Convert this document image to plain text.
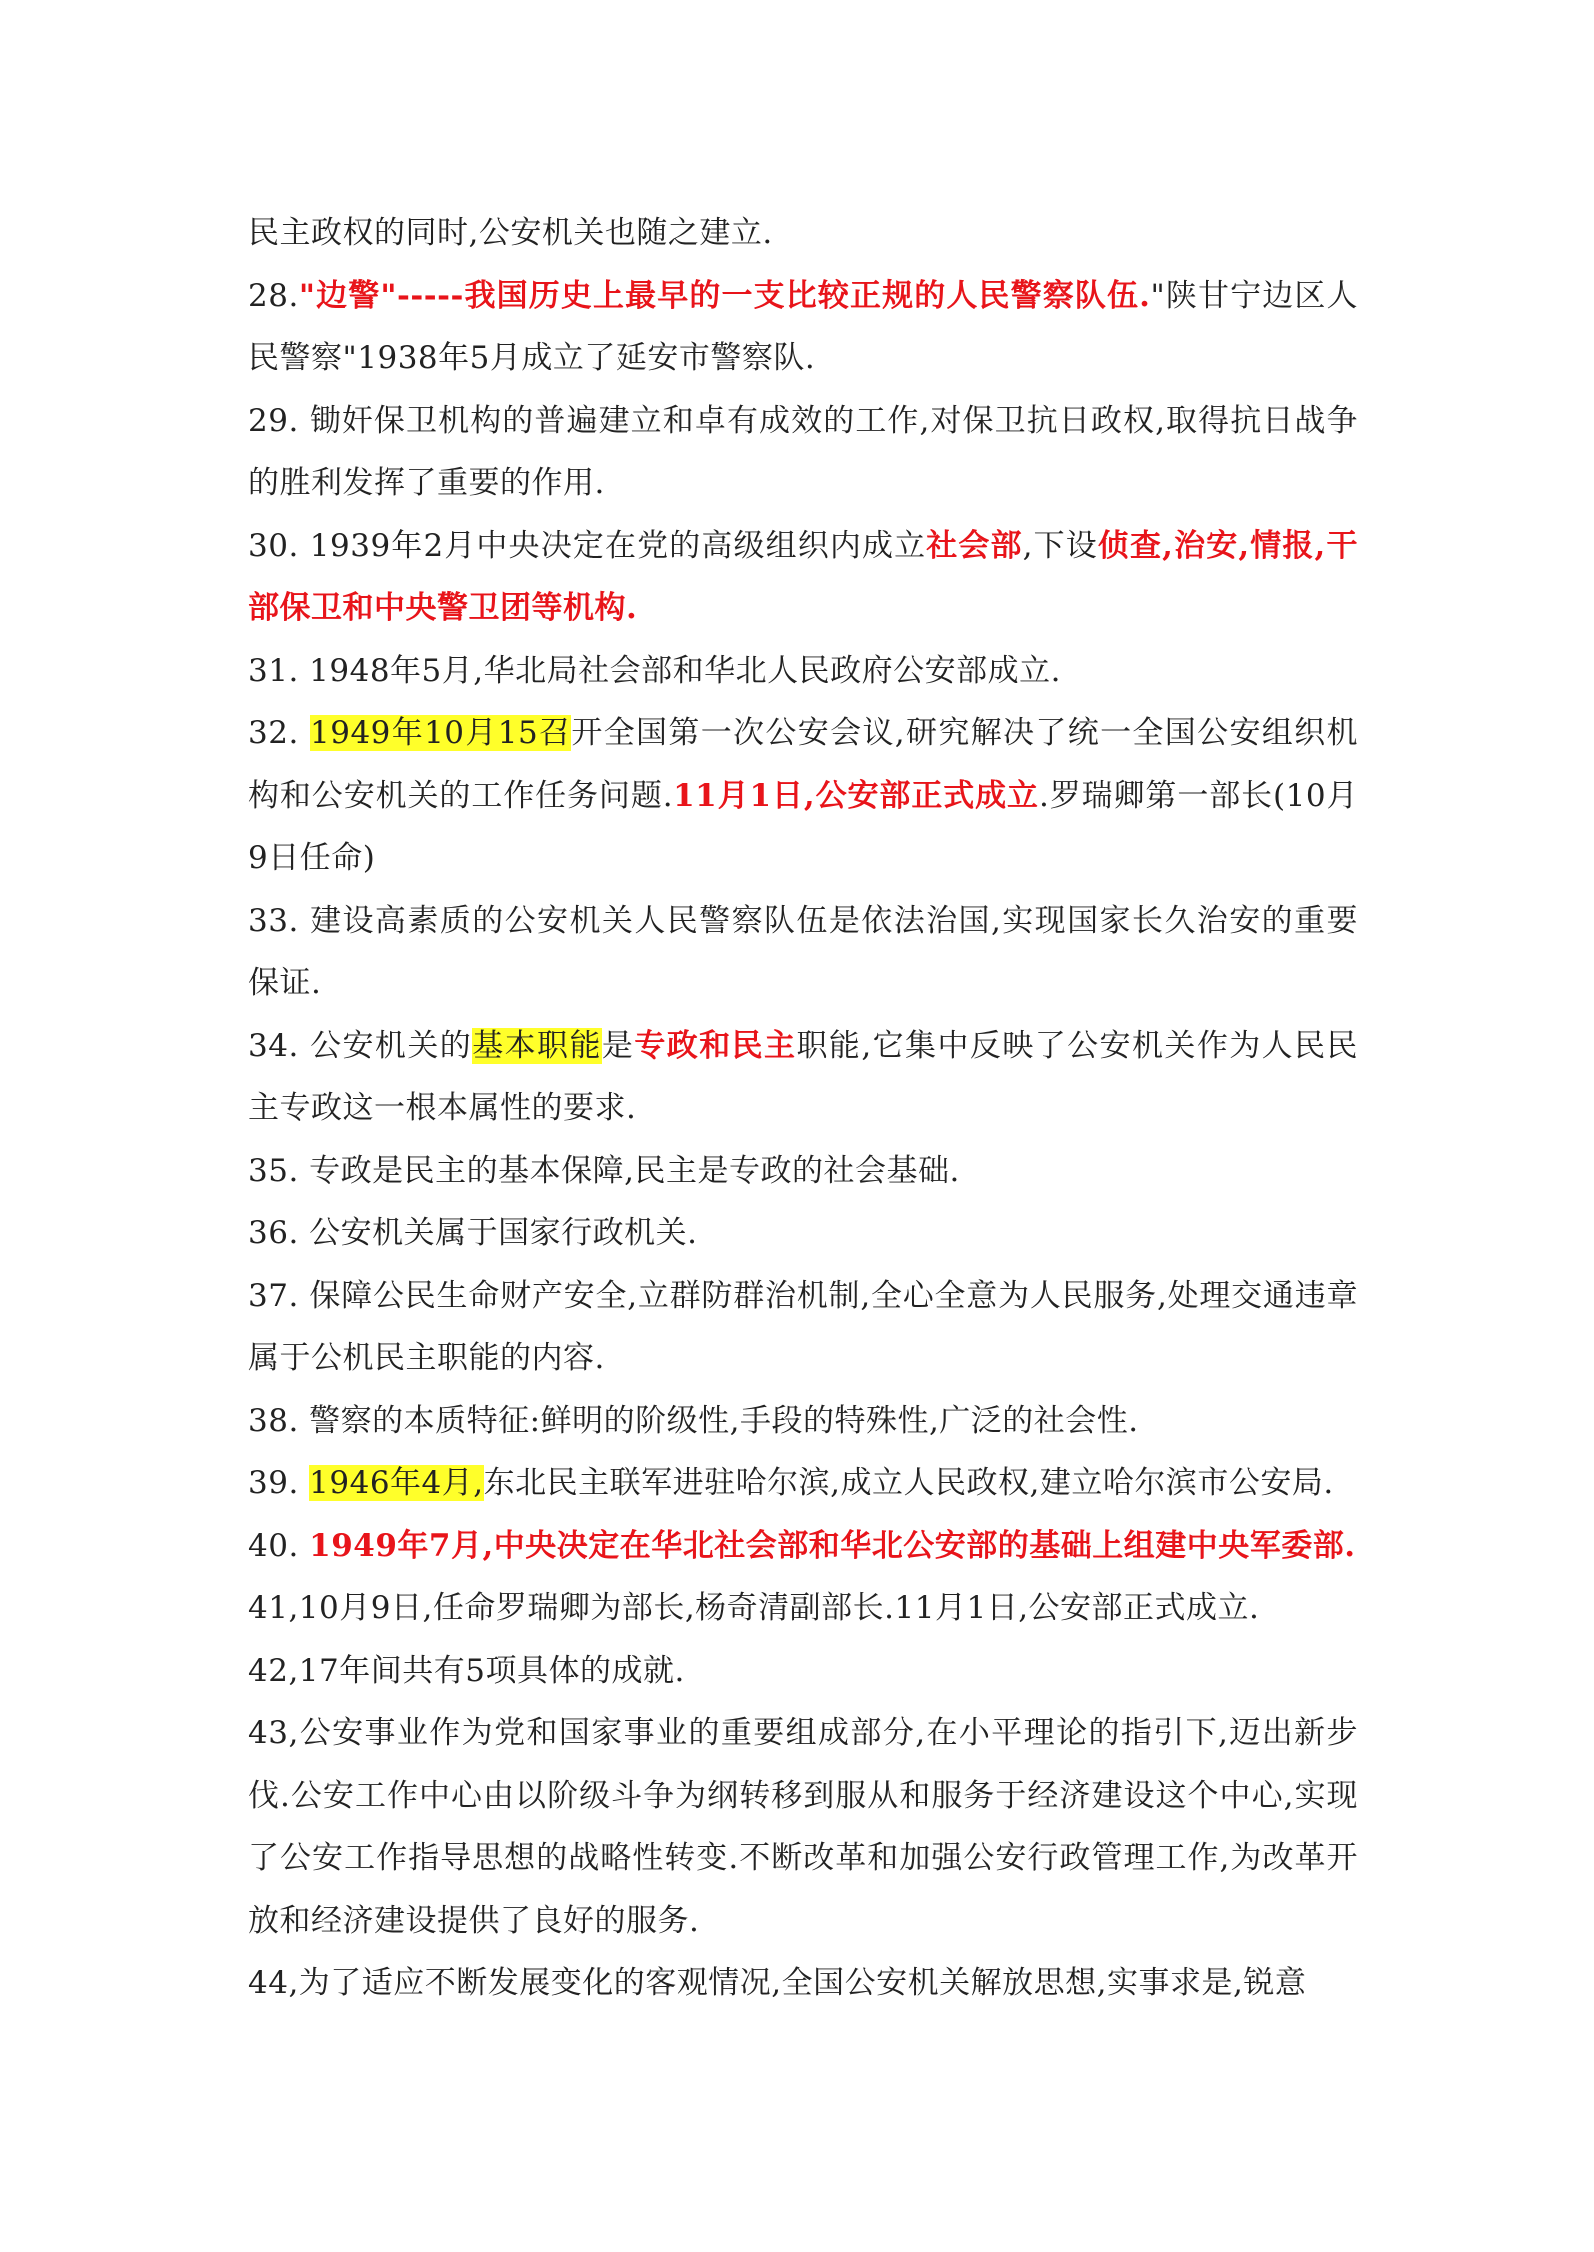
民主政权的同时,公安机关也随之建立.

28."边警"-----我国历史上最早的一支比较正规的人民警察队伍."陕甘宁边区人民警察"1938年5月成立了延安市警察队.

29. 锄奸保卫机构的普遍建立和卓有成效的工作,对保卫抗日政权,取得抗日战争的胜利发挥了重要的作用.

30. 1939年2月中央决定在党的高级组织内成立社会部,下设侦查,治安,情报,干部保卫和中央警卫团等机构.

31. 1948年5月,华北局社会部和华北人民政府公安部成立.

32. 1949年10月15召开全国第一次公安会议,研究解决了统一全国公安组织机构和公安机关的工作任务问题.11月1日,公安部正式成立.罗瑞卿第一部长(10月9日任命)

33. 建设高素质的公安机关人民警察队伍是依法治国,实现国家长久治安的重要保证.

34. 公安机关的基本职能是专政和民主职能,它集中反映了公安机关作为人民民主专政这一根本属性的要求.

35. 专政是民主的基本保障,民主是专政的社会基础.

36. 公安机关属于国家行政机关.

37. 保障公民生命财产安全,立群防群治机制,全心全意为人民服务,处理交通违章属于公机民主职能的内容.

38. 警察的本质特征:鲜明的阶级性,手段的特殊性,广泛的社会性.

39. 1946年4月,东北民主联军进驻哈尔滨,成立人民政权,建立哈尔滨市公安局.

40. 1949年7月,中央决定在华北社会部和华北公安部的基础上组建中央军委部.

41,10月9日,任命罗瑞卿为部长,杨奇清副部长.11月1日,公安部正式成立.

42,17年间共有5项具体的成就.

43,公安事业作为党和国家事业的重要组成部分,在小平理论的指引下,迈出新步伐.公安工作中心由以阶级斗争为纲转移到服从和服务于经济建设这个中心,实现了公安工作指导思想的战略性转变.不断改革和加强公安行政管理工作,为改革开放和经济建设提供了良好的服务.

44,为了适应不断发展变化的客观情况,全国公安机关解放思想,实事求是,锐意
